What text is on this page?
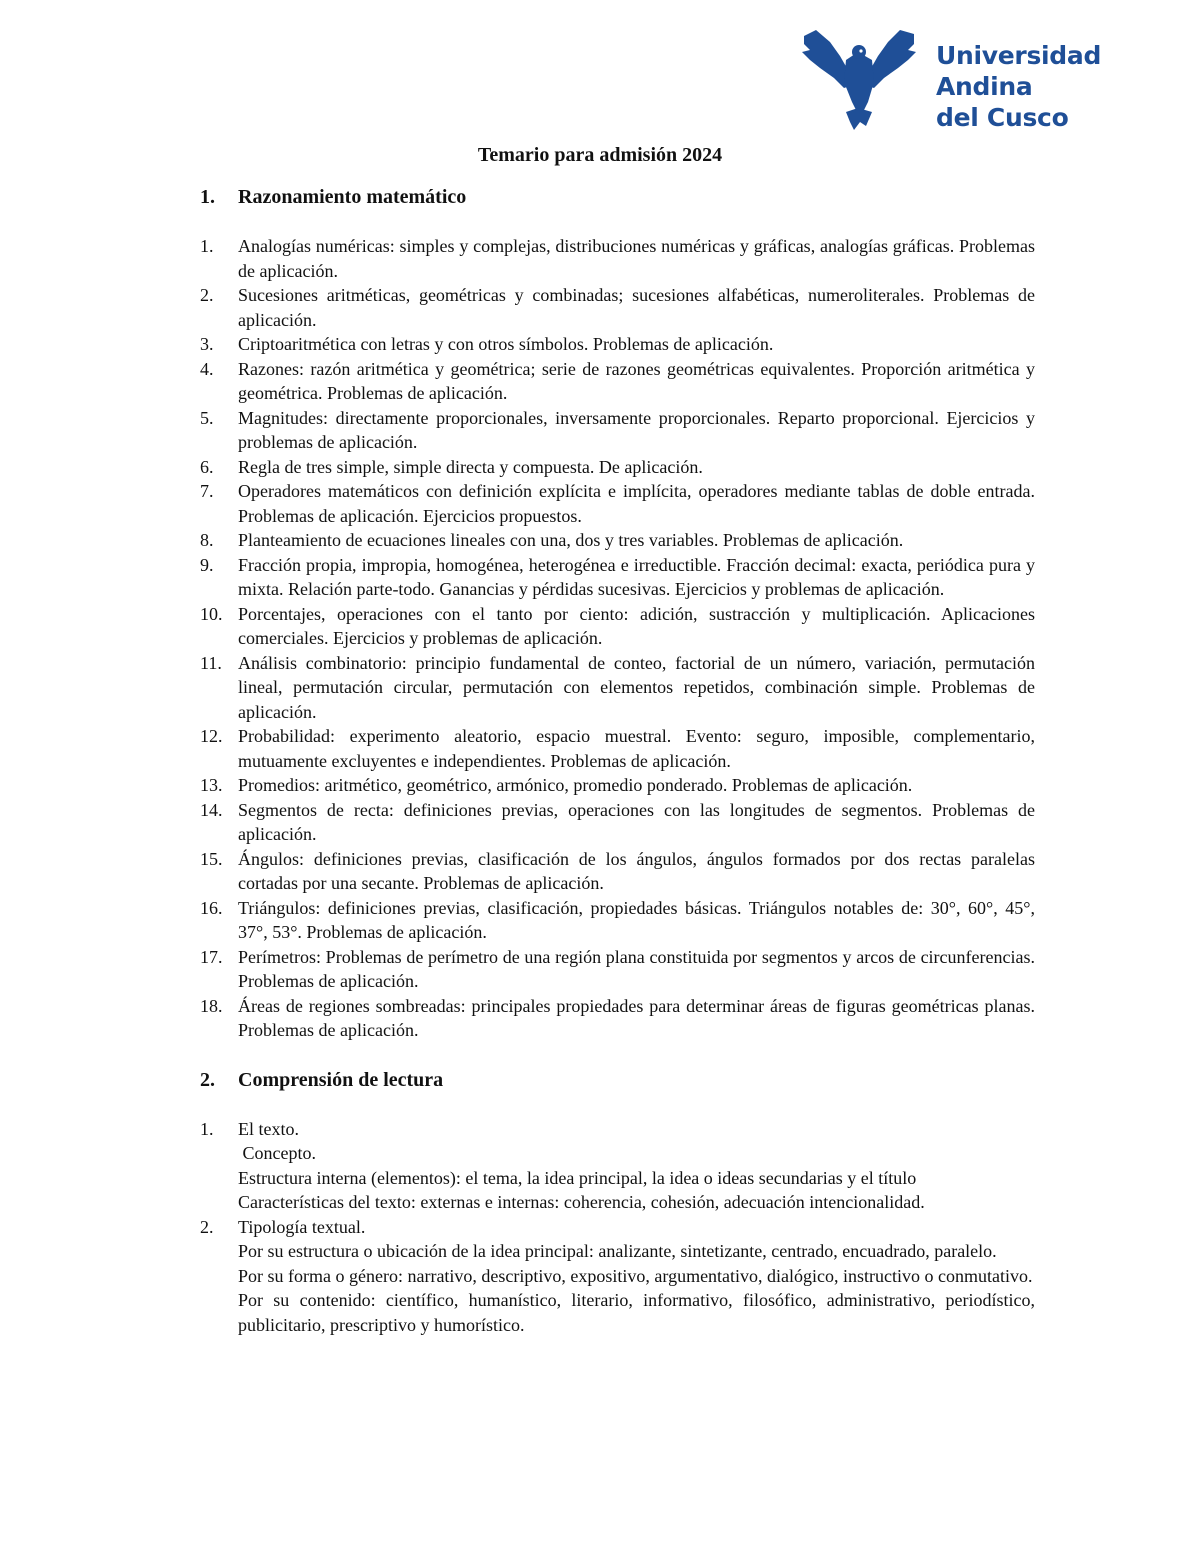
Universidad
Andina
del Cusco
Temario para admisión 2024
1. Razonamiento matemático
1. Analogías numéricas: simples y complejas, distribuciones numéricas y gráficas, analogías gráficas. Problemas de aplicación.
2. Sucesiones aritméticas, geométricas y combinadas; sucesiones alfabéticas, numeroliterales. Problemas de aplicación.
3. Criptoaritmética con letras y con otros símbolos. Problemas de aplicación.
4. Razones: razón aritmética y geométrica; serie de razones geométricas equivalentes. Proporción aritmética y geométrica. Problemas de aplicación.
5. Magnitudes: directamente proporcionales, inversamente proporcionales. Reparto proporcional. Ejercicios y problemas de aplicación.
6. Regla de tres simple, simple directa y compuesta. De aplicación.
7. Operadores matemáticos con definición explícita e implícita, operadores mediante tablas de doble entrada. Problemas de aplicación. Ejercicios propuestos.
8. Planteamiento de ecuaciones lineales con una, dos y tres variables. Problemas de aplicación.
9. Fracción propia, impropia, homogénea, heterogénea e irreductible. Fracción decimal: exacta, periódica pura y mixta. Relación parte-todo. Ganancias y pérdidas sucesivas. Ejercicios y problemas de aplicación.
10. Porcentajes, operaciones con el tanto por ciento: adición, sustracción y multiplicación. Aplicaciones comerciales. Ejercicios y problemas de aplicación.
11. Análisis combinatorio: principio fundamental de conteo, factorial de un número, variación, permutación lineal, permutación circular, permutación con elementos repetidos, combinación simple. Problemas de aplicación.
12. Probabilidad: experimento aleatorio, espacio muestral. Evento: seguro, imposible, complementario, mutuamente excluyentes e independientes. Problemas de aplicación.
13. Promedios: aritmético, geométrico, armónico, promedio ponderado. Problemas de aplicación.
14. Segmentos de recta: definiciones previas, operaciones con las longitudes de segmentos. Problemas de aplicación.
15. Ángulos: definiciones previas, clasificación de los ángulos, ángulos formados por dos rectas paralelas cortadas por una secante. Problemas de aplicación.
16. Triángulos: definiciones previas, clasificación, propiedades básicas. Triángulos notables de: 30°, 60°, 45°, 37°, 53°. Problemas de aplicación.
17. Perímetros: Problemas de perímetro de una región plana constituida por segmentos y arcos de circunferencias. Problemas de aplicación.
18. Áreas de regiones sombreadas: principales propiedades para determinar áreas de figuras geométricas planas. Problemas de aplicación.
2. Comprensión de lectura
1. El texto.
Concepto.
Estructura interna (elementos): el tema, la idea principal, la idea o ideas secundarias y el título
Características del texto: externas e internas: coherencia, cohesión, adecuación intencionalidad.
2. Tipología textual.
Por su estructura o ubicación de la idea principal: analizante, sintetizante, centrado, encuadrado, paralelo.
Por su forma o género: narrativo, descriptivo, expositivo, argumentativo, dialógico, instructivo o conmutativo.
Por su contenido: científico, humanístico, literario, informativo, filosófico, administrativo, periodístico, publicitario, prescriptivo y humorístico.
